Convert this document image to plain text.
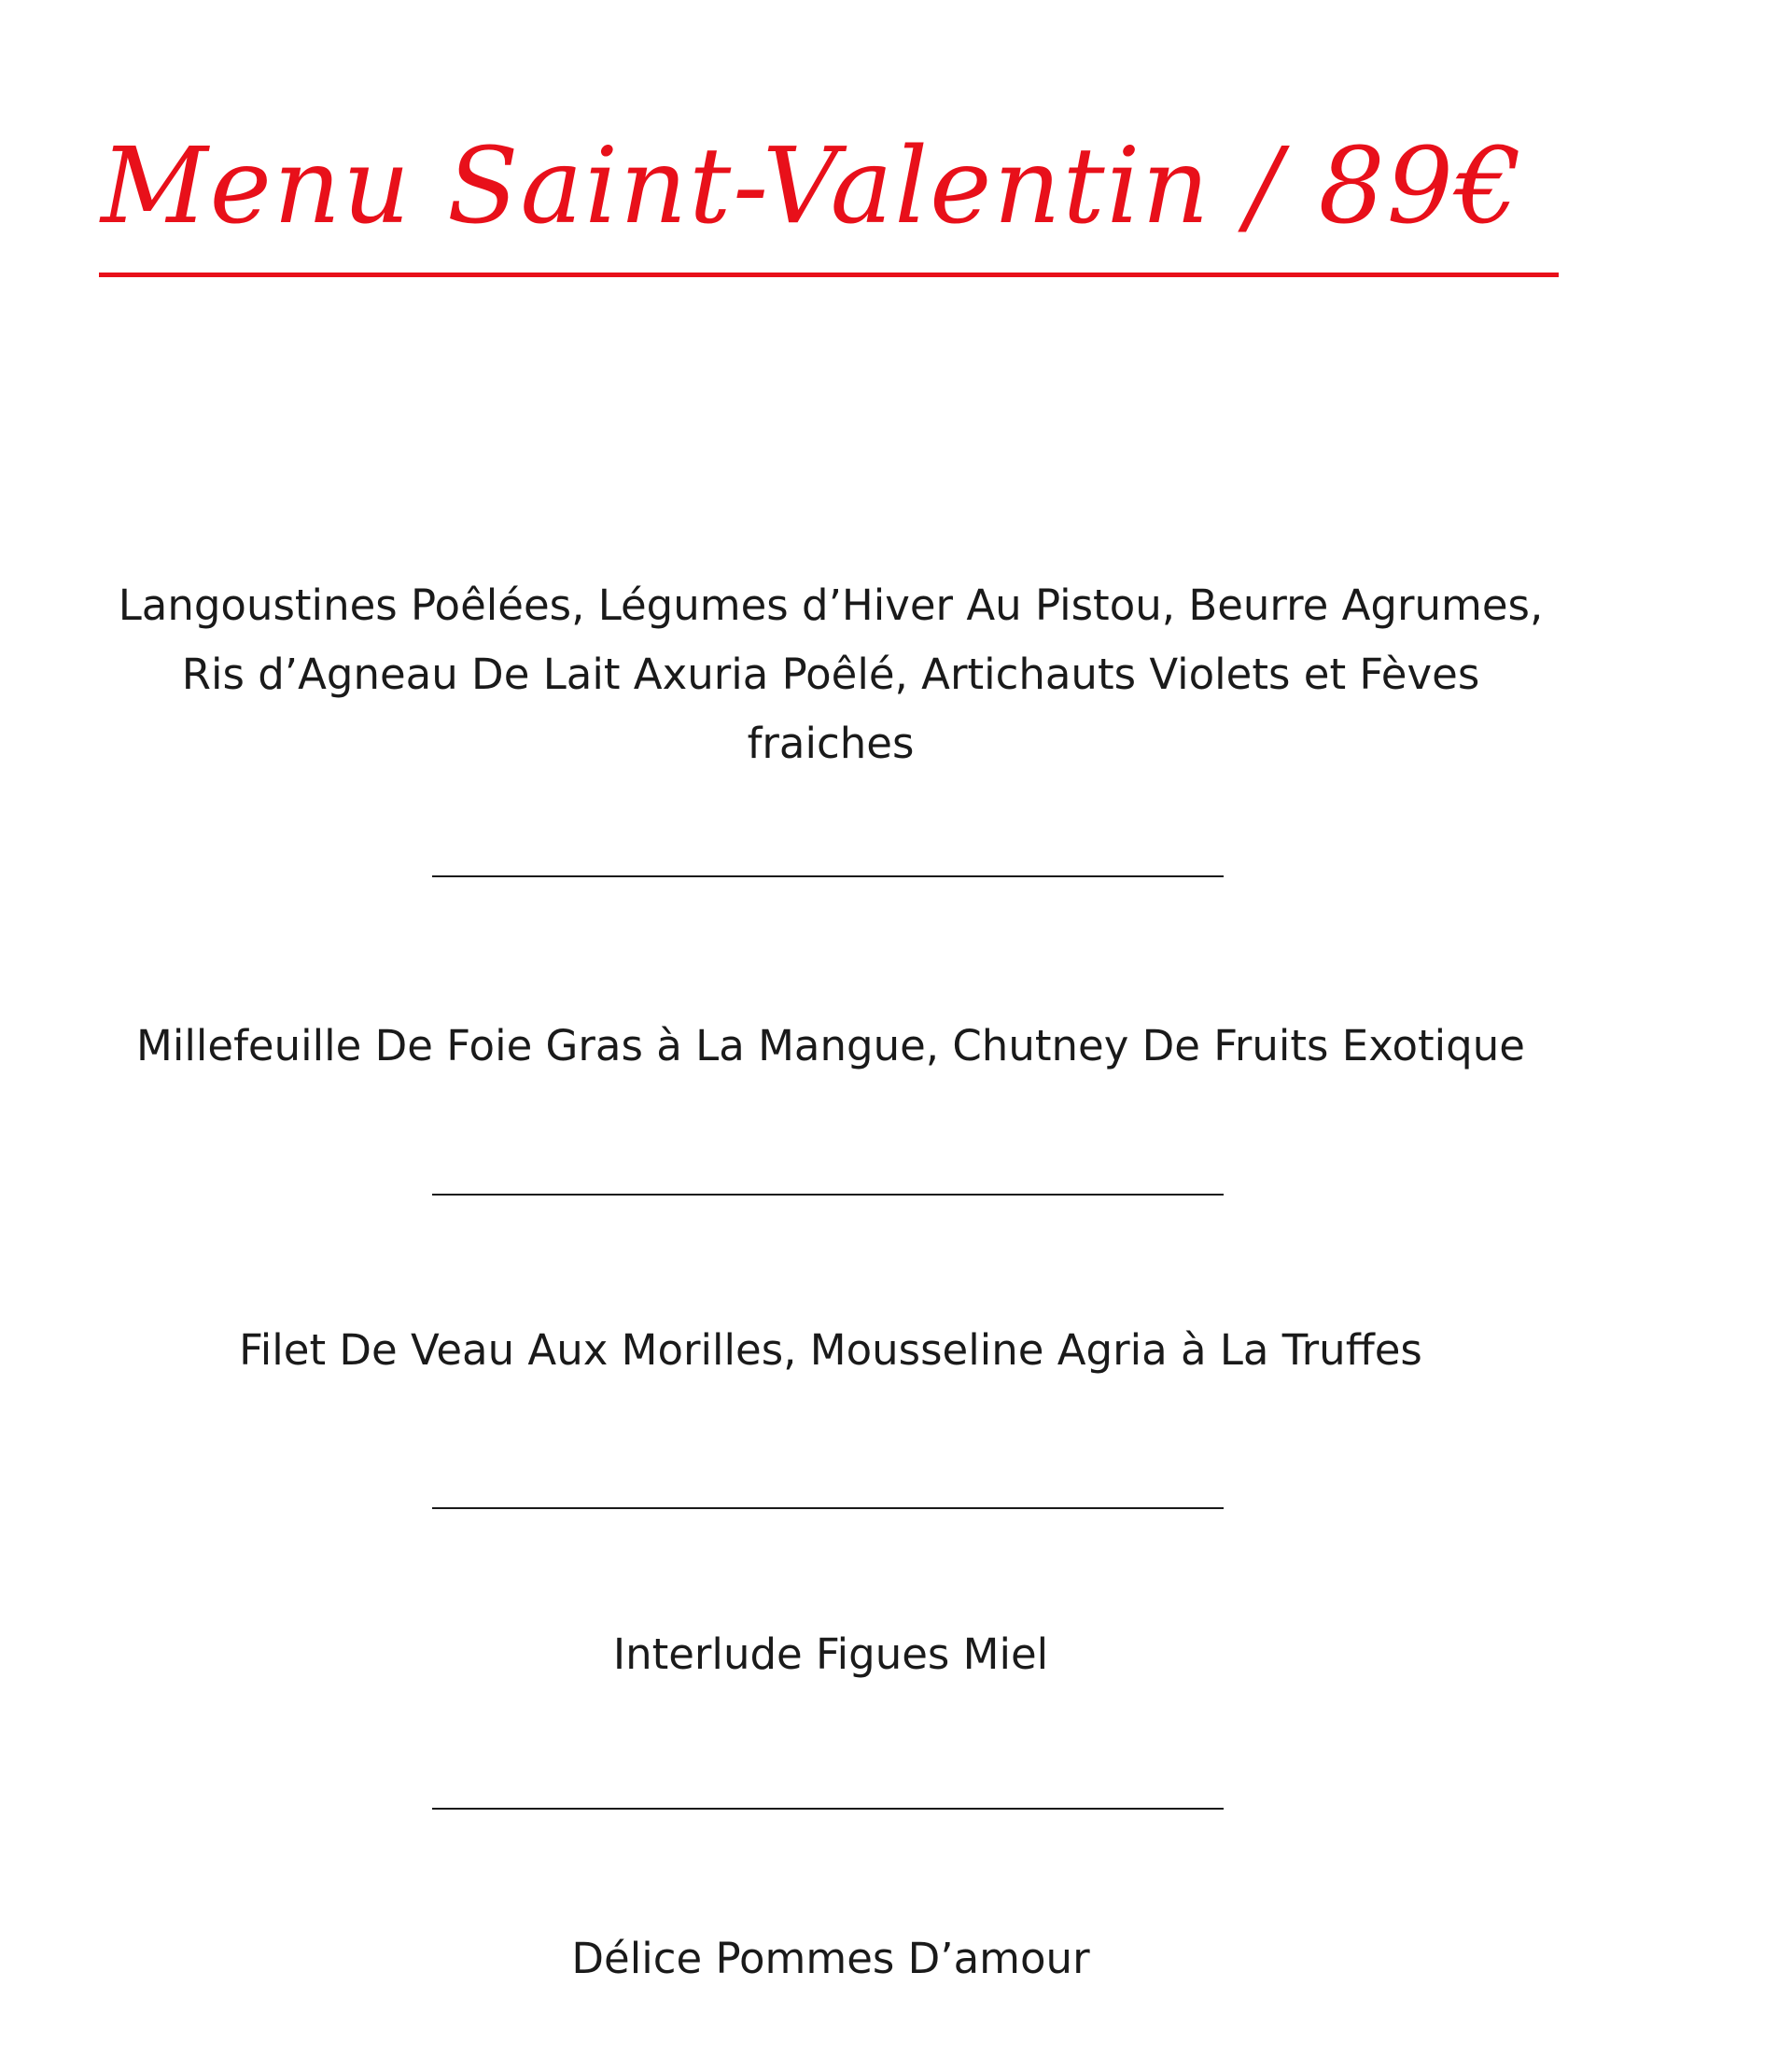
Menu Saint-Valentin / 89€

Langoustines Poêlées, Légumes d’Hiver Au Pistou, Beurre Agrumes,
Ris d’Agneau De Lait Axuria Poêlé, Artichauts Violets et Fèves
fraiches

Millefeuille De Foie Gras à La Mangue, Chutney De Fruits Exotique

Filet De Veau Aux Morilles, Mousseline Agria à La Truffes

Interlude Figues Miel

Délice Pommes D’amour
